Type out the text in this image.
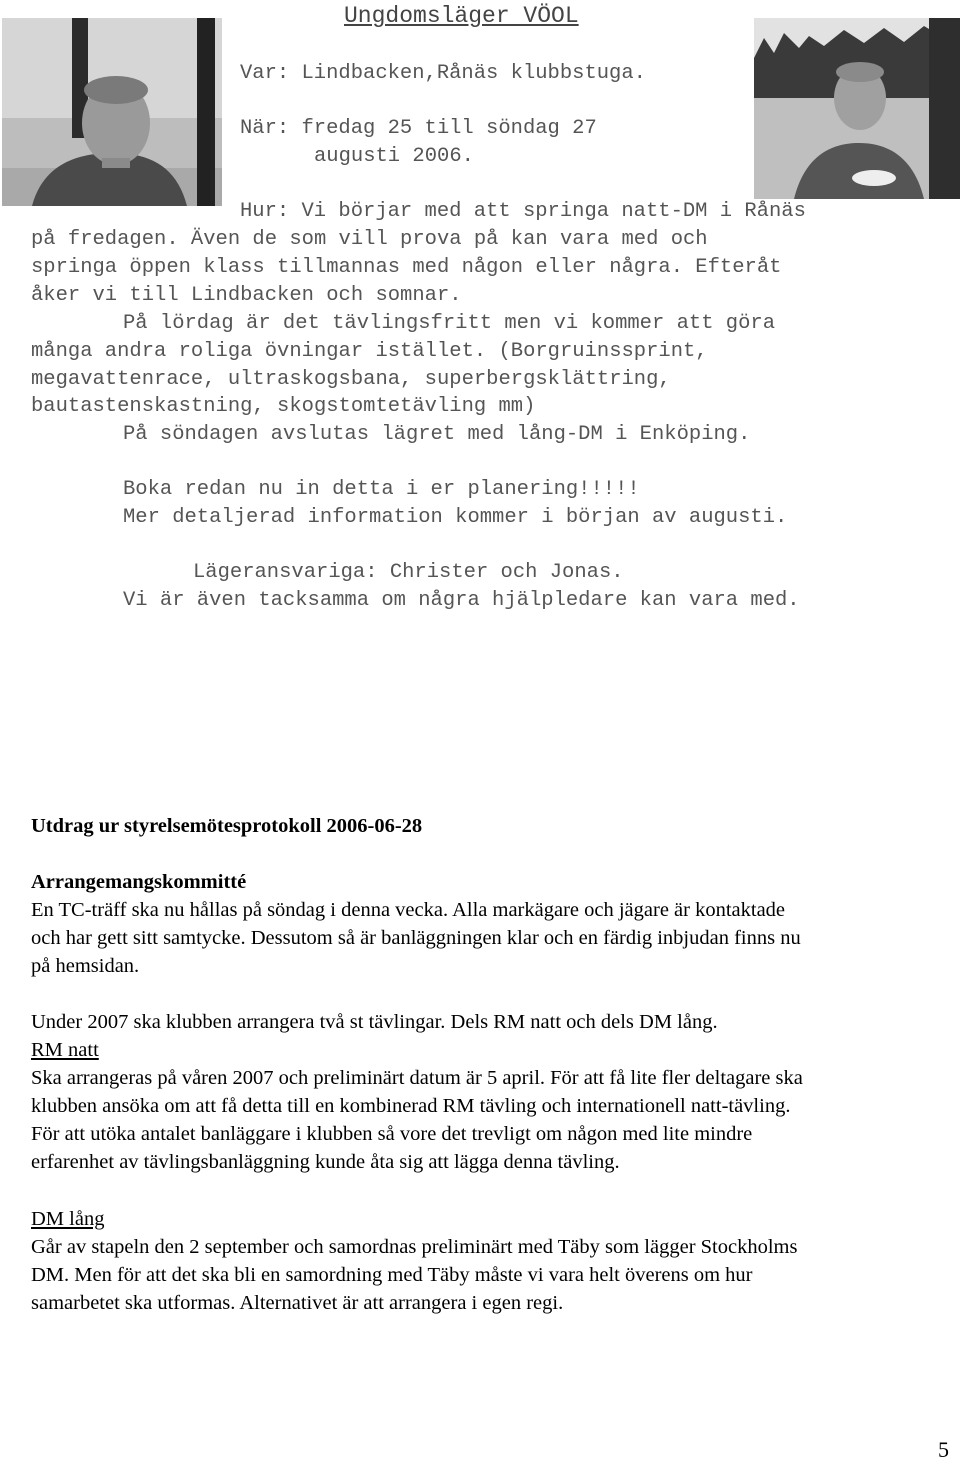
Ungdomsläger VÖOL
Var: Lindbacken,Rånäs klubbstuga.
När: fredag 25 till söndag 27
augusti 2006.
Hur: Vi börjar med att springa natt-DM i Rånäs
på fredagen. Även de som vill prova på kan vara med och
springa öppen klass tillmannas med någon eller några. Efteråt
åker vi till Lindbacken och somnar.
På lördag är det tävlingsfritt men vi kommer att göra
många andra roliga övningar istället. (Borgruinssprint,
megavattenrace, ultraskogsbana, superbergsklättring,
bautastenskastning, skogstomtetävling mm)
På söndagen avslutas lägret med lång-DM i Enköping.
Boka redan nu in detta i er planering!!!!!
Mer detaljerad information kommer i början av augusti.
Lägeransvariga: Christer och Jonas.
Vi är även tacksamma om några hjälpledare kan vara med.
Utdrag ur styrelsemötesprotokoll 2006-06-28
Arrangemangskommitté
En TC-träff ska nu hållas på söndag i denna vecka. Alla markägare och jägare är kontaktade
och har gett sitt samtycke. Dessutom så är banläggningen klar och en färdig inbjudan finns nu
på hemsidan.
Under 2007 ska klubben arrangera två st tävlingar. Dels RM natt och dels DM lång.
RM natt
Ska arrangeras på våren 2007 och preliminärt datum är 5 april. För att få lite fler deltagare ska
klubben ansöka om att få detta till en kombinerad RM tävling och internationell natt-tävling.
För att utöka antalet banläggare i klubben så vore det trevligt om någon med lite mindre
erfarenhet av tävlingsbanläggning kunde åta sig att lägga denna tävling.
DM lång
Går av stapeln den 2 september och samordnas preliminärt med Täby som lägger Stockholms
DM. Men för att det ska bli en samordning med Täby måste vi vara helt överens om hur
samarbetet ska utformas. Alternativet är att arrangera i egen regi.
5
